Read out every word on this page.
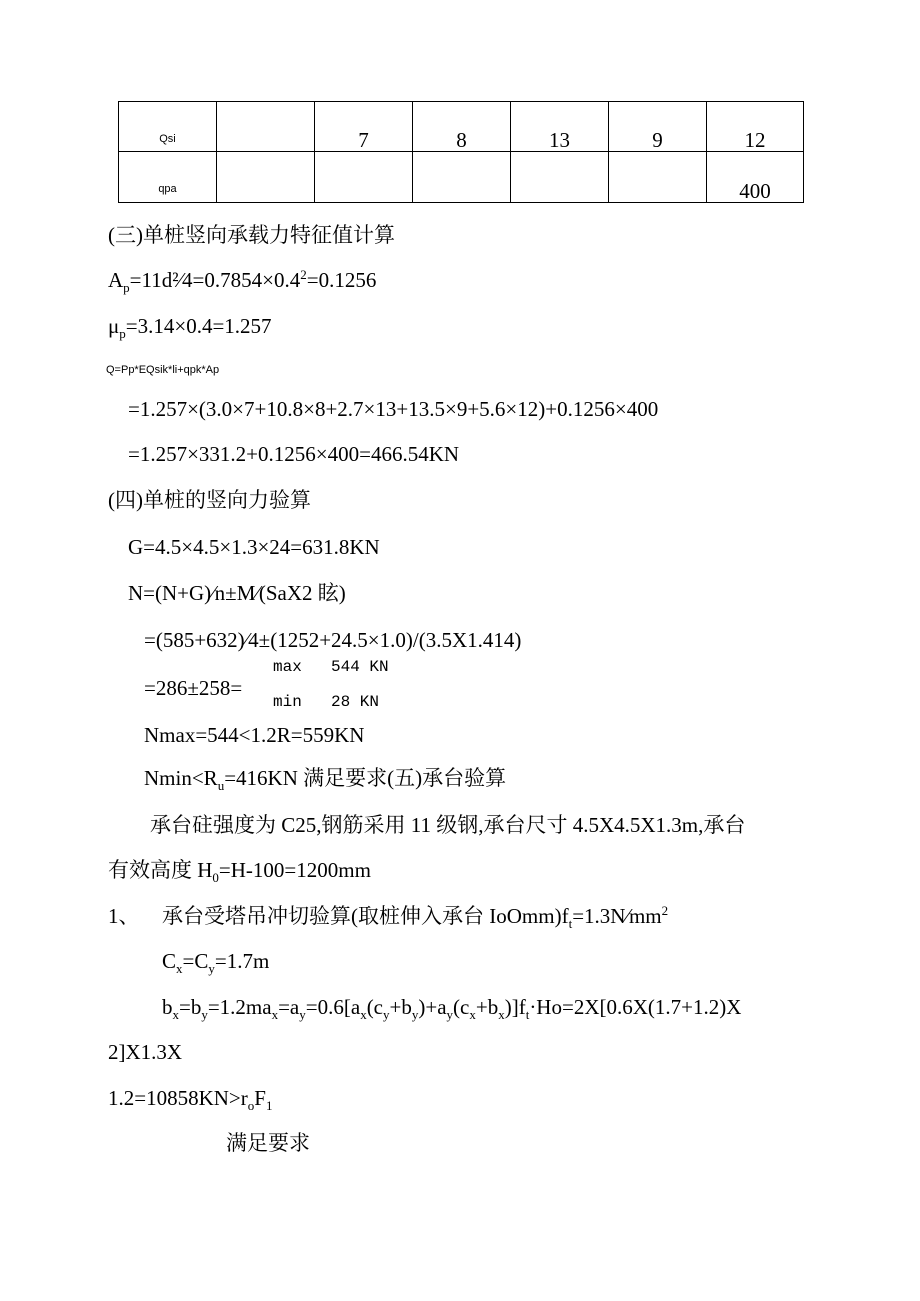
Qsi		7	8	13	9	12
qpa						400
(三)单桩竖向承载力特征值计算
$A_p=11d^2⁄4=0.7854\times 0.4^2=0.1256$
$\mu_p=3.14\times 0.4=1.257$
Q=Pp*EQsik*li+qpk*Ap
=1.257×(3.0×7+10.8×8+2.7×13+13.5×9+5.6×12)+0.1256×400
=1.257×331.2+0.1256×400=466.54KN
(四)单桩的竖向力验算
G=4.5×4.5×1.3×24=631.8KN
N=(N+G)⁄n±M⁄(SaX2 眩)
=(585+632)⁄4±(1252+24.5×1.0)/(3.5X1.414)
=286±258=
max 544 KN
min 28 KN
Nmax=544<1.2R=559KN
$Nmin<R_u=416KN$ 满足要求(五)承台验算
承台砫强度为 C25,钢筋采用 11 级钢,承台尺寸 4.5X4.5X1.3m,承台
有效高度 $H_0=H-100=1200mm$
1、 承台受塔吊冲切验算(取桩伸入承台 $IoOmm)f_t=1.3N⁄mm^2$
$C_x=C_y=1.7m$
$b_x=b_y=1.2ma_x=a_y=0.6[a_x(c_y+b_y)+a_y(c_x+b_x)]f_t\cdot Ho=2X[0.6X(1.7+1.2)X$
2]X1.3X
$1.2=10858KN>r_oF_1$
满足要求
